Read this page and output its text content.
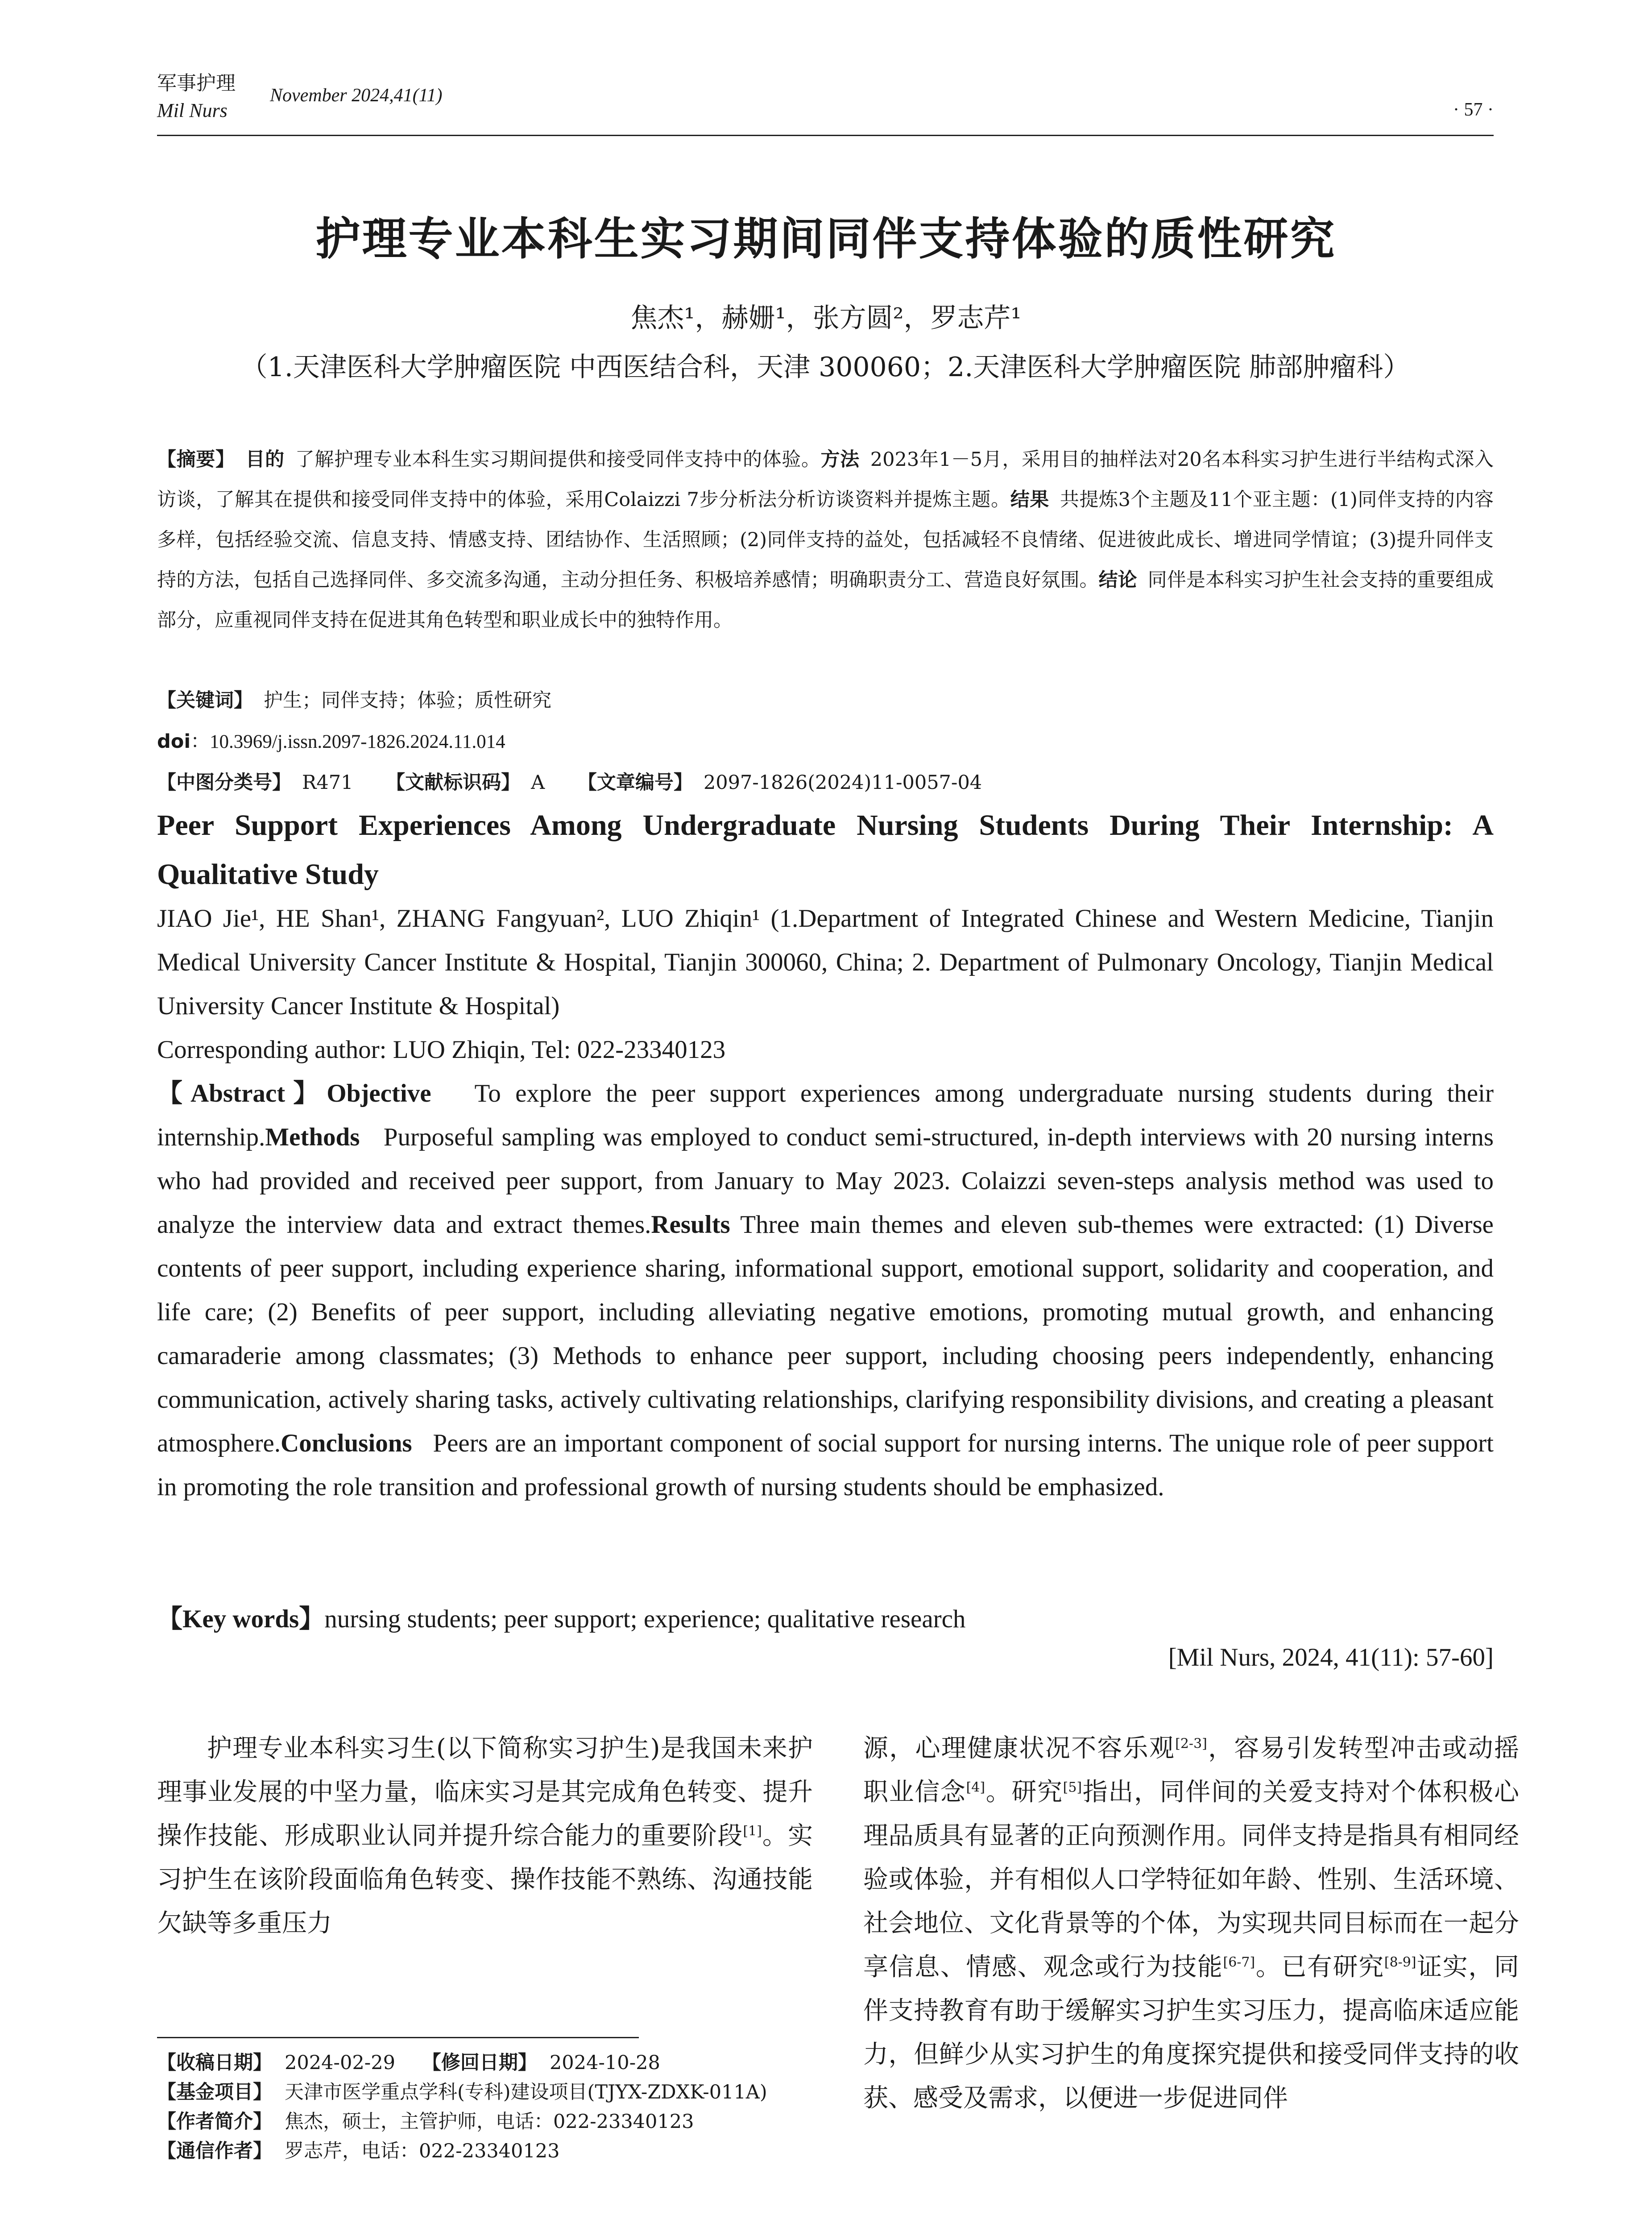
军事护理
Mil Nurs
November 2024,41(11)
· 57 ·
护理专业本科生实习期间同伴支持体验的质性研究
焦杰¹，赫姗¹，张方圆²，罗志芹¹
（1.天津医科大学肿瘤医院 中西医结合科，天津 300060；2.天津医科大学肿瘤医院 肺部肿瘤科）
【摘要】 目的 了解护理专业本科生实习期间提供和接受同伴支持中的体验。方法 2023年1－5月，采用目的抽样法对20名本科实习护生进行半结构式深入访谈，了解其在提供和接受同伴支持中的体验，采用Colaizzi 7步分析法分析访谈资料并提炼主题。结果 共提炼3个主题及11个亚主题：(1)同伴支持的内容多样，包括经验交流、信息支持、情感支持、团结协作、生活照顾；(2)同伴支持的益处，包括减轻不良情绪、促进彼此成长、增进同学情谊；(3)提升同伴支持的方法，包括自己选择同伴、多交流多沟通，主动分担任务、积极培养感情；明确职责分工、营造良好氛围。结论 同伴是本科实习护生社会支持的重要组成部分，应重视同伴支持在促进其角色转型和职业成长中的独特作用。
【关键词】 护生；同伴支持；体验；质性研究
doi：10.3969/j.issn.2097-1826.2024.11.014
【中图分类号】 R471 【文献标识码】 A 【文章编号】 2097-1826(2024)11-0057-04
Peer Support Experiences Among Undergraduate Nursing Students During Their Internship: A Qualitative Study
JIAO Jie¹, HE Shan¹, ZHANG Fangyuan², LUO Zhiqin¹ (1.Department of Integrated Chinese and Western Medicine, Tianjin Medical University Cancer Institute & Hospital, Tianjin 300060, China; 2. Department of Pulmonary Oncology, Tianjin Medical University Cancer Institute & Hospital)
Corresponding author: LUO Zhiqin, Tel: 022-23340123
【Abstract】Objective To explore the peer support experiences among undergraduate nursing students during their internship.Methods Purposeful sampling was employed to conduct semi-structured, in-depth interviews with 20 nursing interns who had provided and received peer support, from January to May 2023. Colaizzi seven-steps analysis method was used to analyze the interview data and extract themes.Results Three main themes and eleven sub-themes were extracted: (1) Diverse contents of peer support, including experience sharing, informational support, emotional support, solidarity and cooperation, and life care; (2) Benefits of peer support, including alleviating negative emotions, promoting mutual growth, and enhancing camaraderie among classmates; (3) Methods to enhance peer support, including choosing peers independently, enhancing communication, actively sharing tasks, actively cultivating relationships, clarifying responsibility divisions, and creating a pleasant atmosphere.Conclusions Peers are an important component of social support for nursing interns. The unique role of peer support in promoting the role transition and professional growth of nursing students should be emphasized.
【Key words】nursing students; peer support; experience; qualitative research
[Mil Nurs, 2024, 41(11): 57-60]
护理专业本科实习生(以下简称实习护生)是我国未来护理事业发展的中坚力量，临床实习是其完成角色转变、提升操作技能、形成职业认同并提升综合能力的重要阶段[1]。实习护生在该阶段面临角色转变、操作技能不熟练、沟通技能欠缺等多重压力
源，心理健康状况不容乐观[2-3]，容易引发转型冲击或动摇职业信念[4]。研究[5]指出，同伴间的关爱支持对个体积极心理品质具有显著的正向预测作用。同伴支持是指具有相同经验或体验，并有相似人口学特征如年龄、性别、生活环境、社会地位、文化背景等的个体，为实现共同目标而在一起分享信息、情感、观念或行为技能[6-7]。已有研究[8-9]证实，同伴支持教育有助于缓解实习护生实习压力，提高临床适应能力，但鲜少从实习护生的角度探究提供和接受同伴支持的收获、感受及需求，以便进一步促进同伴
【收稿日期】 2024-02-29 【修回日期】 2024-10-28
【基金项目】 天津市医学重点学科(专科)建设项目(TJYX-ZDXK-011A)
【作者简介】 焦杰，硕士，主管护师，电话：022-23340123
【通信作者】 罗志芹，电话：022-23340123
